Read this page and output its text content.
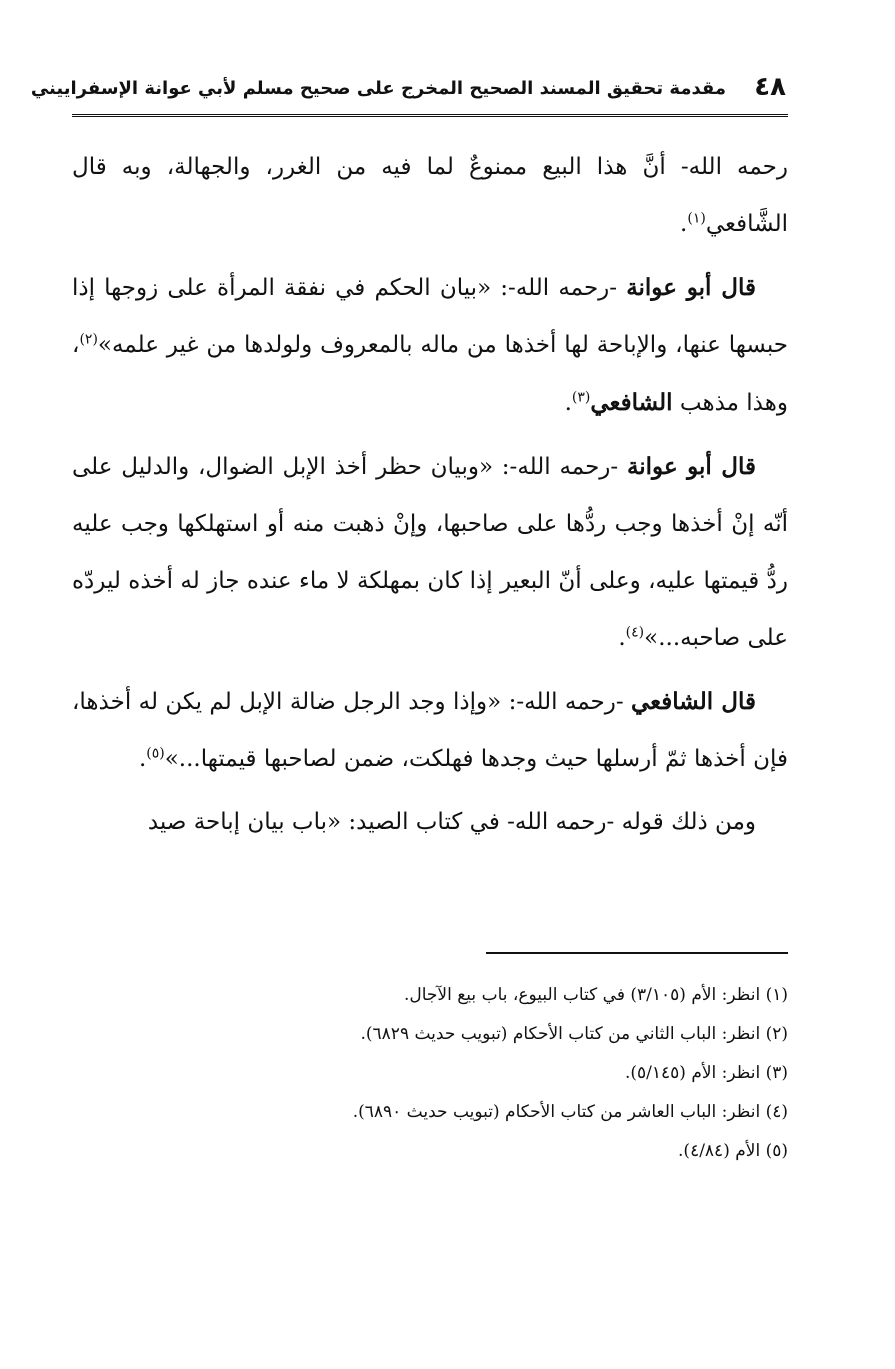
٤٨
مقدمة تحقيق المسند الصحيح المخرج على صحيح مسلم لأبي عوانة الإسفراييني

رحمه الله- أنَّ هذا البيع ممنوعٌ لما فيه من الغرر، والجهالة، وبه قال الشَّافعي$^{(١)}$.

قال أبو عوانة -رحمه الله-: «بيان الحكم في نفقة المرأة على زوجها إذا حبسها عنها، والإباحة لها أخذها من ماله بالمعروف ولولدها من غير علمه»$^{(٢)}$، وهذا مذهب الشافعي$^{(٣)}$.

قال أبو عوانة -رحمه الله-: «وبيان حظر أخذ الإبل الضوال، والدليل على أنّه إنْ أخذها وجب ردُّها على صاحبها، وإنْ ذهبت منه أو استهلكها وجب عليه ردُّ قيمتها عليه، وعلى أنّ البعير إذا كان بمهلكة لا ماء عنده جاز له أخذه ليردّه على صاحبه...»$^{(٤)}$.

قال الشافعي -رحمه الله-: «وإذا وجد الرجل ضالة الإبل لم يكن له أخذها، فإن أخذها ثمّ أرسلها حيث وجدها فهلكت، ضمن لصاحبها قيمتها...»$^{(٥)}$.

ومن ذلك قوله -رحمه الله- في كتاب الصيد: «باب بيان إباحة صيد

(١) انظر: الأم (٣/١٠٥) في كتاب البيوع، باب بيع الآجال.

(٢) انظر: الباب الثاني من كتاب الأحكام (تبويب حديث ٦٨٢٩).

(٣) انظر: الأم (٥/١٤٥).

(٤) انظر: الباب العاشر من كتاب الأحكام (تبويب حديث ٦٨٩٠).

(٥) الأم (٤/٨٤).
